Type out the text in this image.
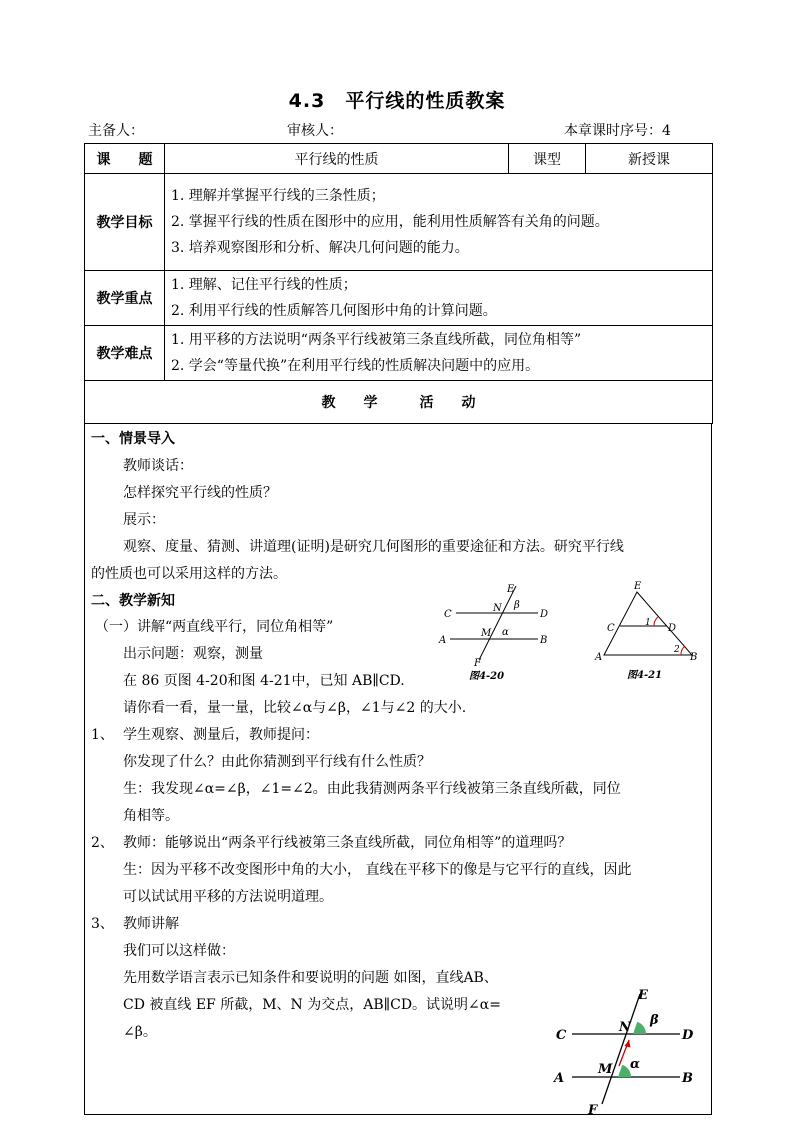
4.3　平行线的性质教案
主备人：	审核人：	本章课时序号：4
课　　题	平行线的性质	课型	新授课
教学目标	1. 理解并掌握平行线的三条性质；
2. 掌握平行线的性质在图形中的应用，能利用性质解答有关角的问题。
3. 培养观察图形和分析、解决几何问题的能力。		

教学重点	1. 理解、记住平行线的性质；
2. 利用平行线的性质解答几何图形中角的计算问题。		

教学难点	1. 用平移的方法说明“两条平行线被第三条直线所截，同位角相等”
2. 学会“等量代换”在利用平行线的性质解决问题中的应用。		

教　　学　　　活　　动			
一、情景导入
教师谈话：
怎样探究平行线的性质？
展示：
观察、度量、猜测、讲道理(证明)是研究几何图形的重要途征和方法。研究平行线
的性质也可以采用这样的方法。
二、教学新知
（一）讲解“两直线平行，同位角相等”
出示问题：观察，测量
在 86 页图 4-20和图 4-21中，已知 AB∥CD.
请你看一看，量一量，比较∠α与∠β，∠1与∠2 的大小.
1、 学生观察、测量后，教师提问：
你发现了什么？由此你猜测到平行线有什么性质？
生：我发现∠α=∠β，∠1=∠2。由此我猜测两条平行线被第三条直线所截，同位
角相等。
2、 教师：能够说出“两条平行线被第三条直线所截，同位角相等”的道理吗？
生：因为平移不改变图形中角的大小， 直线在平移下的像是与它平行的直线，因此
可以试试用平移的方法说明道理。
3、 教师讲解
我们可以这样做：
先用数学语言表示已知条件和要说明的问题 如图，直线AB、
CD 被直线 EF 所截，M、N 为交点，AB∥CD。试说明∠α=
∠β。
E
F
C	D
A	B
N
M
β
α
图4-20
E
C	D
A	B
1
2
图4-21
E
F
C	D
A	B
N
M
β
α
